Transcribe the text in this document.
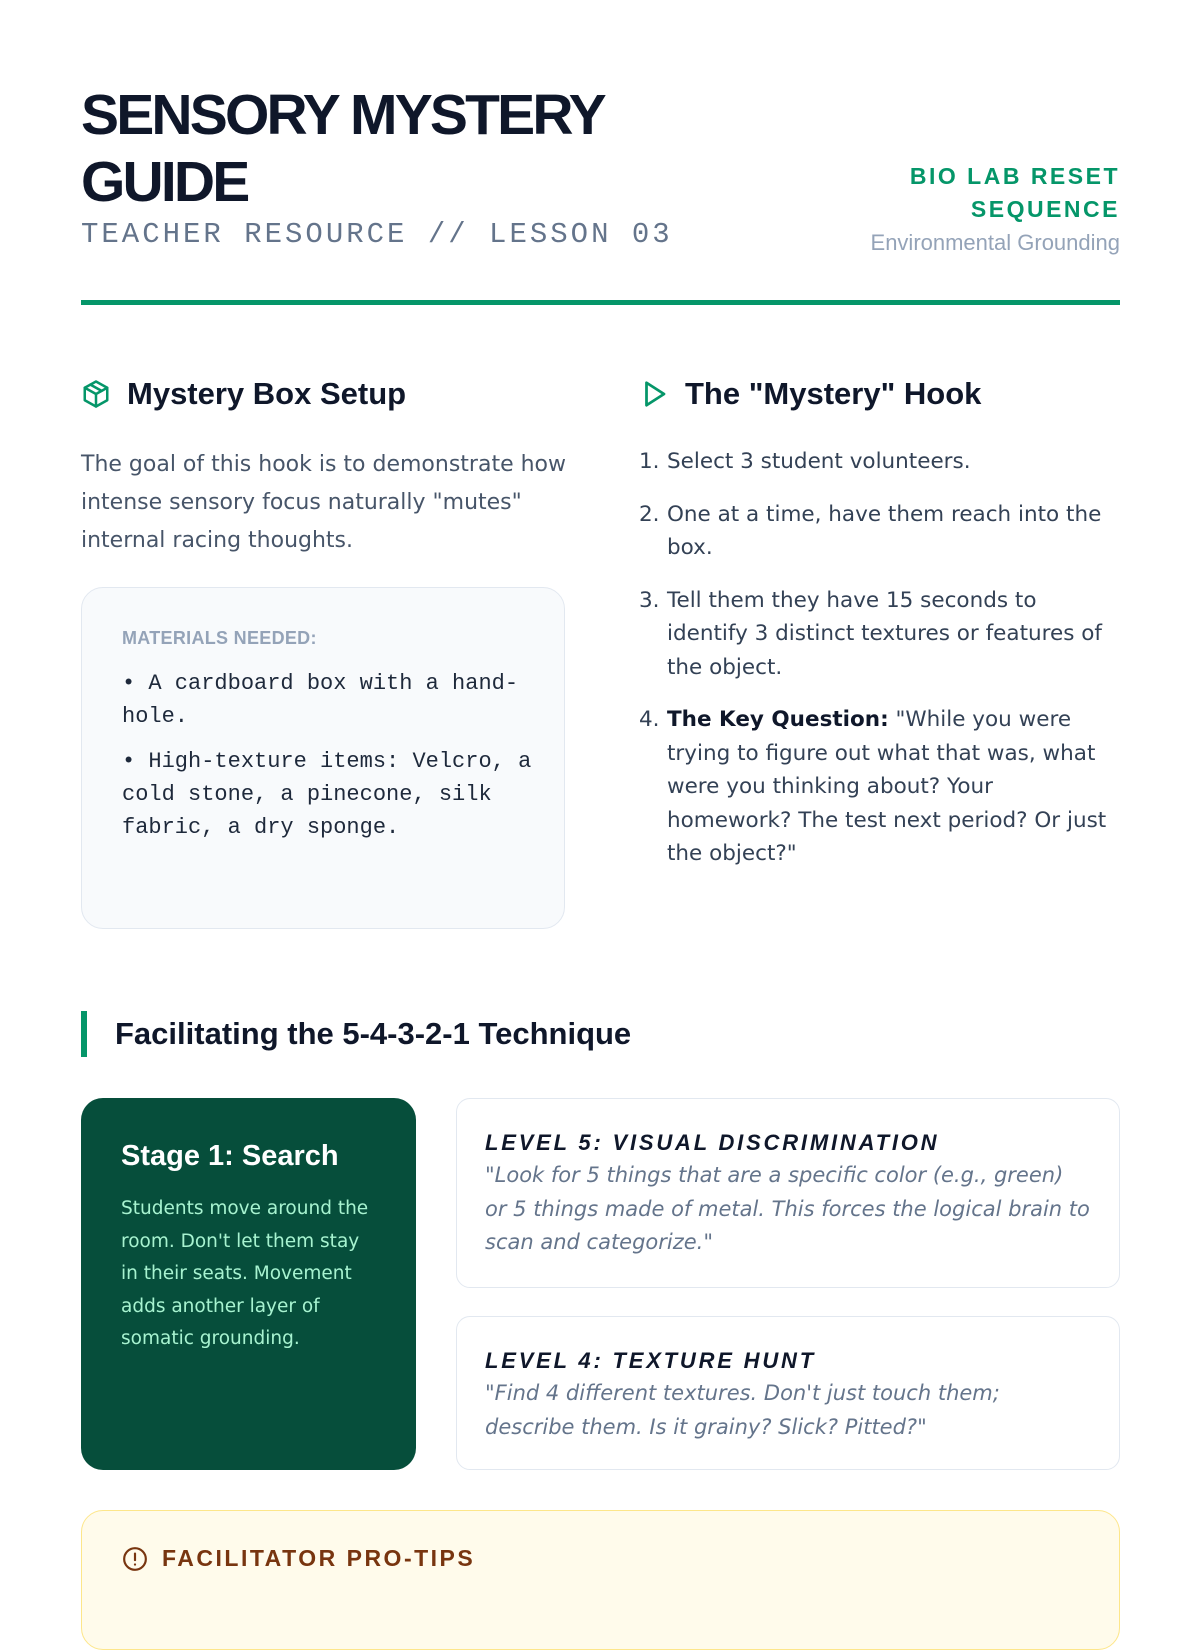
SENSORY MYSTERY GUIDE

TEACHER RESOURCE // LESSON 03

BIO LAB RESET SEQUENCE
Environmental Grounding
Mystery Box Setup

The goal of this hook is to demonstrate how intense sensory focus naturally "mutes" internal racing thoughts.

MATERIALS NEEDED:
• A cardboard box with a hand-hole.
• High-texture items: Velcro, a cold stone, a pinecone, silk fabric, a dry sponge.
The "Mystery" Hook
1. Select 3 student volunteers.
2. One at a time, have them reach into the box.
3. Tell them they have 15 seconds to identify 3 distinct textures or features of the object.
4. The Key Question: "While you were trying to figure out what that was, what were you thinking about? Your homework? The test next period? Or just the object?"
Facilitating the 5-4-3-2-1 Technique
Stage 1: Search
Students move around the room. Don't let them stay in their seats. Movement adds another layer of somatic grounding.
LEVEL 5: VISUAL DISCRIMINATION
"Look for 5 things that are a specific color (e.g., green) or 5 things made of metal. This forces the logical brain to scan and categorize."
LEVEL 4: TEXTURE HUNT
"Find 4 different textures. Don't just touch them; describe them. Is it grainy? Slick? Pitted?"
FACILITATOR PRO-TIPS
